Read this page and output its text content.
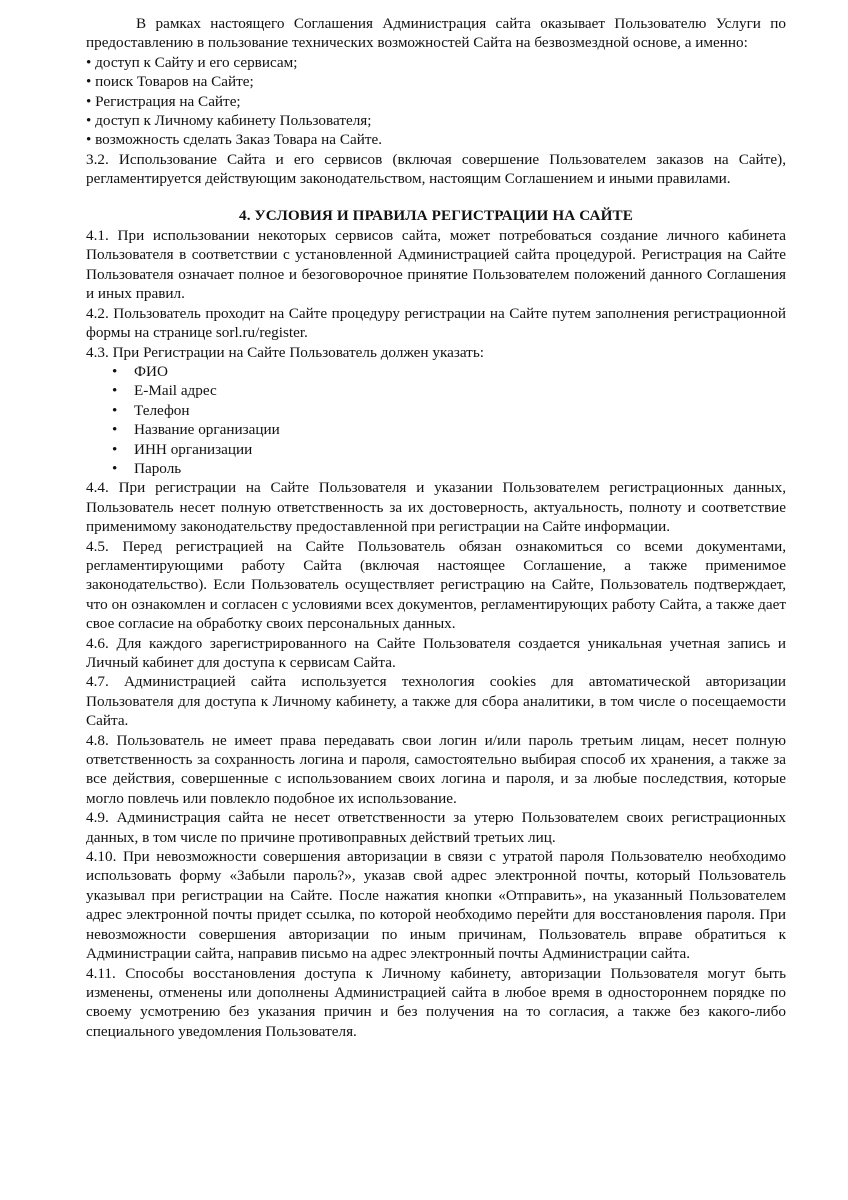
В рамках настоящего Соглашения Администрация сайта оказывает Пользователю Услуги по предоставлению в пользование технических возможностей Сайта на безвозмездной основе, а именно:

• доступ к Сайту и его сервисам;
• поиск Товаров на Сайте;
• Регистрация на Сайте;
• доступ к Личному кабинету Пользователя;
• возможность сделать Заказ Товара на Сайте.

3.2. Использование Сайта и его сервисов (включая совершение Пользователем заказов на Сайте), регламентируется действующим законодательством, настоящим Соглашением и иными правилами.

4. УСЛОВИЯ И ПРАВИЛА РЕГИСТРАЦИИ НА САЙТЕ

4.1. При использовании некоторых сервисов сайта, может потребоваться создание личного кабинета Пользователя в соответствии с установленной Администрацией сайта процедурой. Регистрация на Сайте Пользователя означает полное и безоговорочное принятие Пользователем положений данного Соглашения и иных правил.

4.2. Пользователь проходит на Сайте процедуру регистрации на Сайте путем заполнения регистрационной формы на странице sorl.ru/register.

4.3. При Регистрации на Сайте Пользователь должен указать:

• ФИО
• E-Mail адрес
• Телефон
• Название организации
• ИНН организации
• Пароль

4.4. При регистрации на Сайте Пользователя и указании Пользователем регистрационных данных, Пользователь несет полную ответственность за их достоверность, актуальность, полноту и соответствие применимому законодательству предоставленной при регистрации на Сайте информации.

4.5. Перед регистрацией на Сайте Пользователь обязан ознакомиться со всеми документами, регламентирующими работу Сайта (включая настоящее Соглашение, а также применимое законодательство). Если Пользователь осуществляет регистрацию на Сайте, Пользователь подтверждает, что он ознакомлен и согласен с условиями всех документов, регламентирующих работу Сайта, а также дает свое согласие на обработку своих персональных данных.

4.6. Для каждого зарегистрированного на Сайте Пользователя создается уникальная учетная запись и Личный кабинет для доступа к сервисам Сайта.

4.7. Администрацией сайта используется технология cookies для автоматической авторизации Пользователя для доступа к Личному кабинету, а также для сбора аналитики, в том числе о посещаемости Сайта.

4.8. Пользователь не имеет права передавать свои логин и/или пароль третьим лицам, несет полную ответственность за сохранность логина и пароля, самостоятельно выбирая способ их хранения, а также за все действия, совершенные с использованием своих логина и пароля, и за любые последствия, которые могло повлечь или повлекло подобное их использование.

4.9. Администрация сайта не несет ответственности за утерю Пользователем своих регистрационных данных, в том числе по причине противоправных действий третьих лиц.

4.10. При невозможности совершения авторизации в связи с утратой пароля Пользователю необходимо использовать форму «Забыли пароль?», указав свой адрес электронной почты, который Пользователь указывал при регистрации на Сайте. После нажатия кнопки «Отправить», на указанный Пользователем адрес электронной почты придет ссылка, по которой необходимо перейти для восстановления пароля. При невозможности совершения авторизации по иным причинам, Пользователь вправе обратиться к Администрации сайта, направив письмо на адрес электронный почты Администрации сайта.

4.11. Способы восстановления доступа к Личному кабинету, авторизации Пользователя могут быть изменены, отменены или дополнены Администрацией сайта в любое время в одностороннем порядке по своему усмотрению без указания причин и без получения на то согласия, а также без какого-либо специального уведомления Пользователя.
